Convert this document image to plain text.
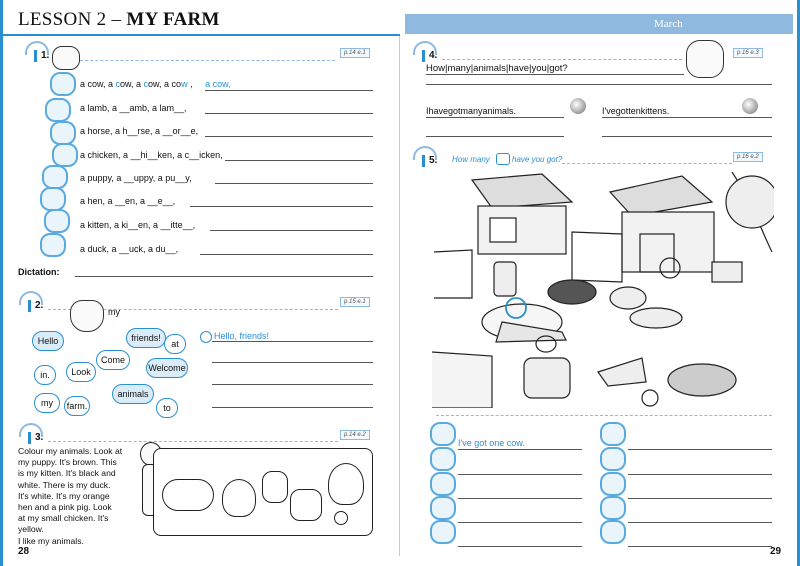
LESSON 2 – MY FARM	March
1.	p.14 e.1
a cow, a cow, a cow, a cow , a cow,
a lamb, a __amb, a lam__,
a horse, a h__rse, a __or__e,
a chicken, a __hi__ken, a c__icken,
a puppy, a __uppy, a pu__y,
a hen, a __en, a __e__,
a kitten, a ki__en, a __itte__,
a duck, a __uck, a du__,
Dictation:
2.	p.15 e.1
my
friends!
at
Hello
Come
Welcome
in.	Look
animals
my	farm.	to
Hello, friends!
3.	p.14 e.2
Colour my animals. Look at
my puppy. It's brown. This
is my kitten. It's black and
white. There is my duck.
It's white. It's my orange
hen and a pink pig. Look
at my small chicken. It's
yellow.
I like my animals.
28
4.	p.16 e.3
How|many|animals|have|you|got?
Ihavegotmanyanimals.	I'vegottenkittens.
5.	How many	have you got?	p.16 e.2
I've got one cow.
29
